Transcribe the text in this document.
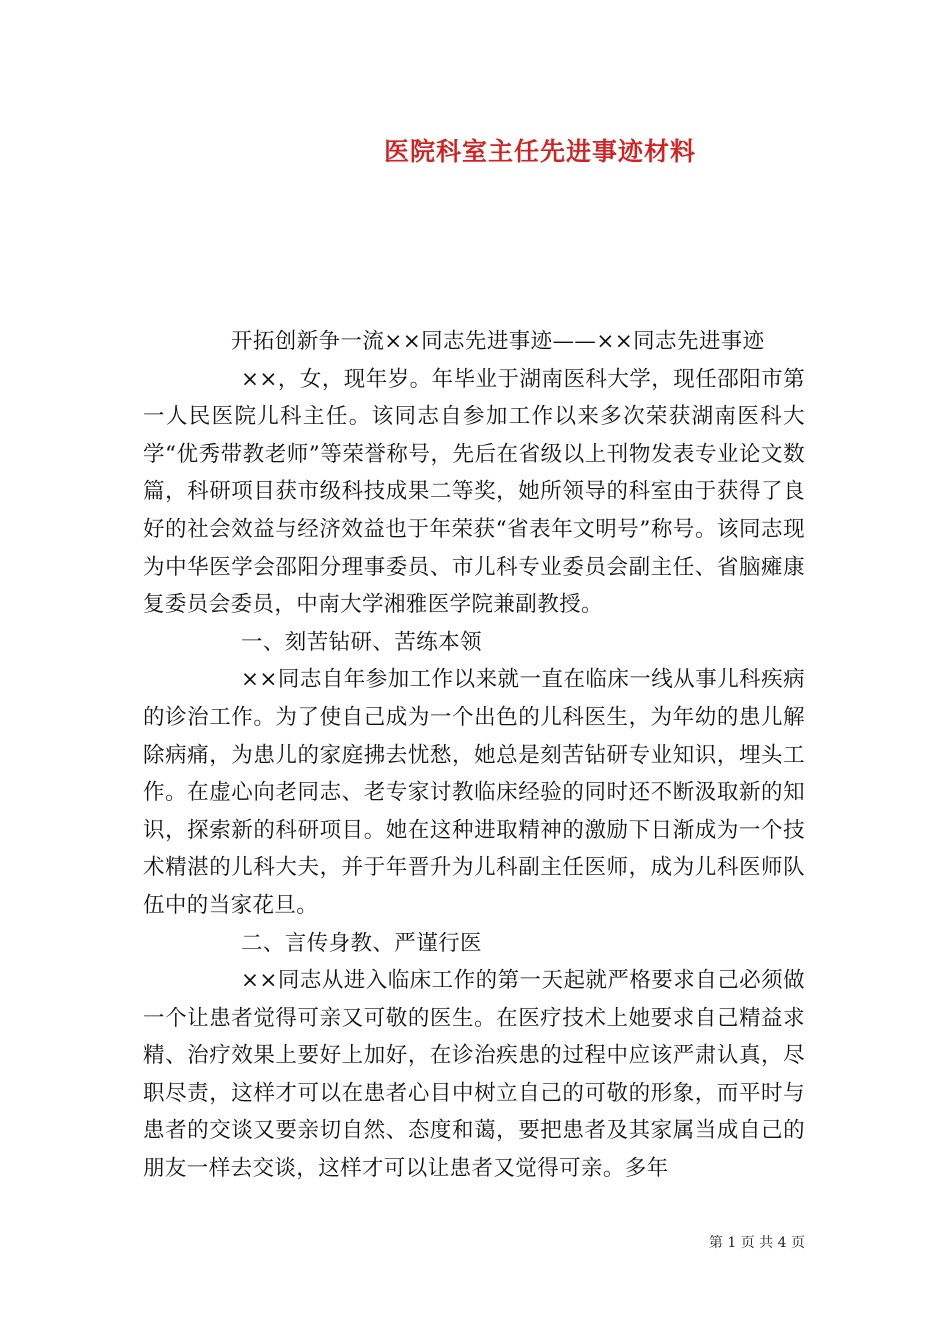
医院科室主任先进事迹材料

开拓创新争一流××同志先进事迹——××同志先进事迹

××，女，现年岁。年毕业于湖南医科大学，现任邵阳市第一人民医院儿科主任。该同志自参加工作以来多次荣获湖南医科大学“优秀带教老师”等荣誉称号，先后在省级以上刊物发表专业论文数篇，科研项目获市级科技成果二等奖，她所领导的科室由于获得了良好的社会效益与经济效益也于年荣获“省表年文明号”称号。该同志现为中华医学会邵阳分理事委员、市儿科专业委员会副主任、省脑瘫康复委员会委员，中南大学湘雅医学院兼副教授。

一、刻苦钻研、苦练本领

××同志自年参加工作以来就一直在临床一线从事儿科疾病的诊治工作。为了使自己成为一个出色的儿科医生，为年幼的患儿解除病痛，为患儿的家庭拂去忧愁，她总是刻苦钻研专业知识，埋头工作。在虚心向老同志、老专家讨教临床经验的同时还不断汲取新的知识，探索新的科研项目。她在这种进取精神的激励下日渐成为一个技术精湛的儿科大夫，并于年晋升为儿科副主任医师，成为儿科医师队伍中的当家花旦。

二、言传身教、严谨行医

××同志从进入临床工作的第一天起就严格要求自己必须做一个让患者觉得可亲又可敬的医生。在医疗技术上她要求自己精益求精、治疗效果上要好上加好，在诊治疾患的过程中应该严肃认真，尽职尽责，这样才可以在患者心目中树立自己的可敬的形象，而平时与患者的交谈又要亲切自然、态度和蔼，要把患者及其家属当成自己的朋友一样去交谈，这样才可以让患者又觉得可亲。多年

第 1 页 共 4 页
